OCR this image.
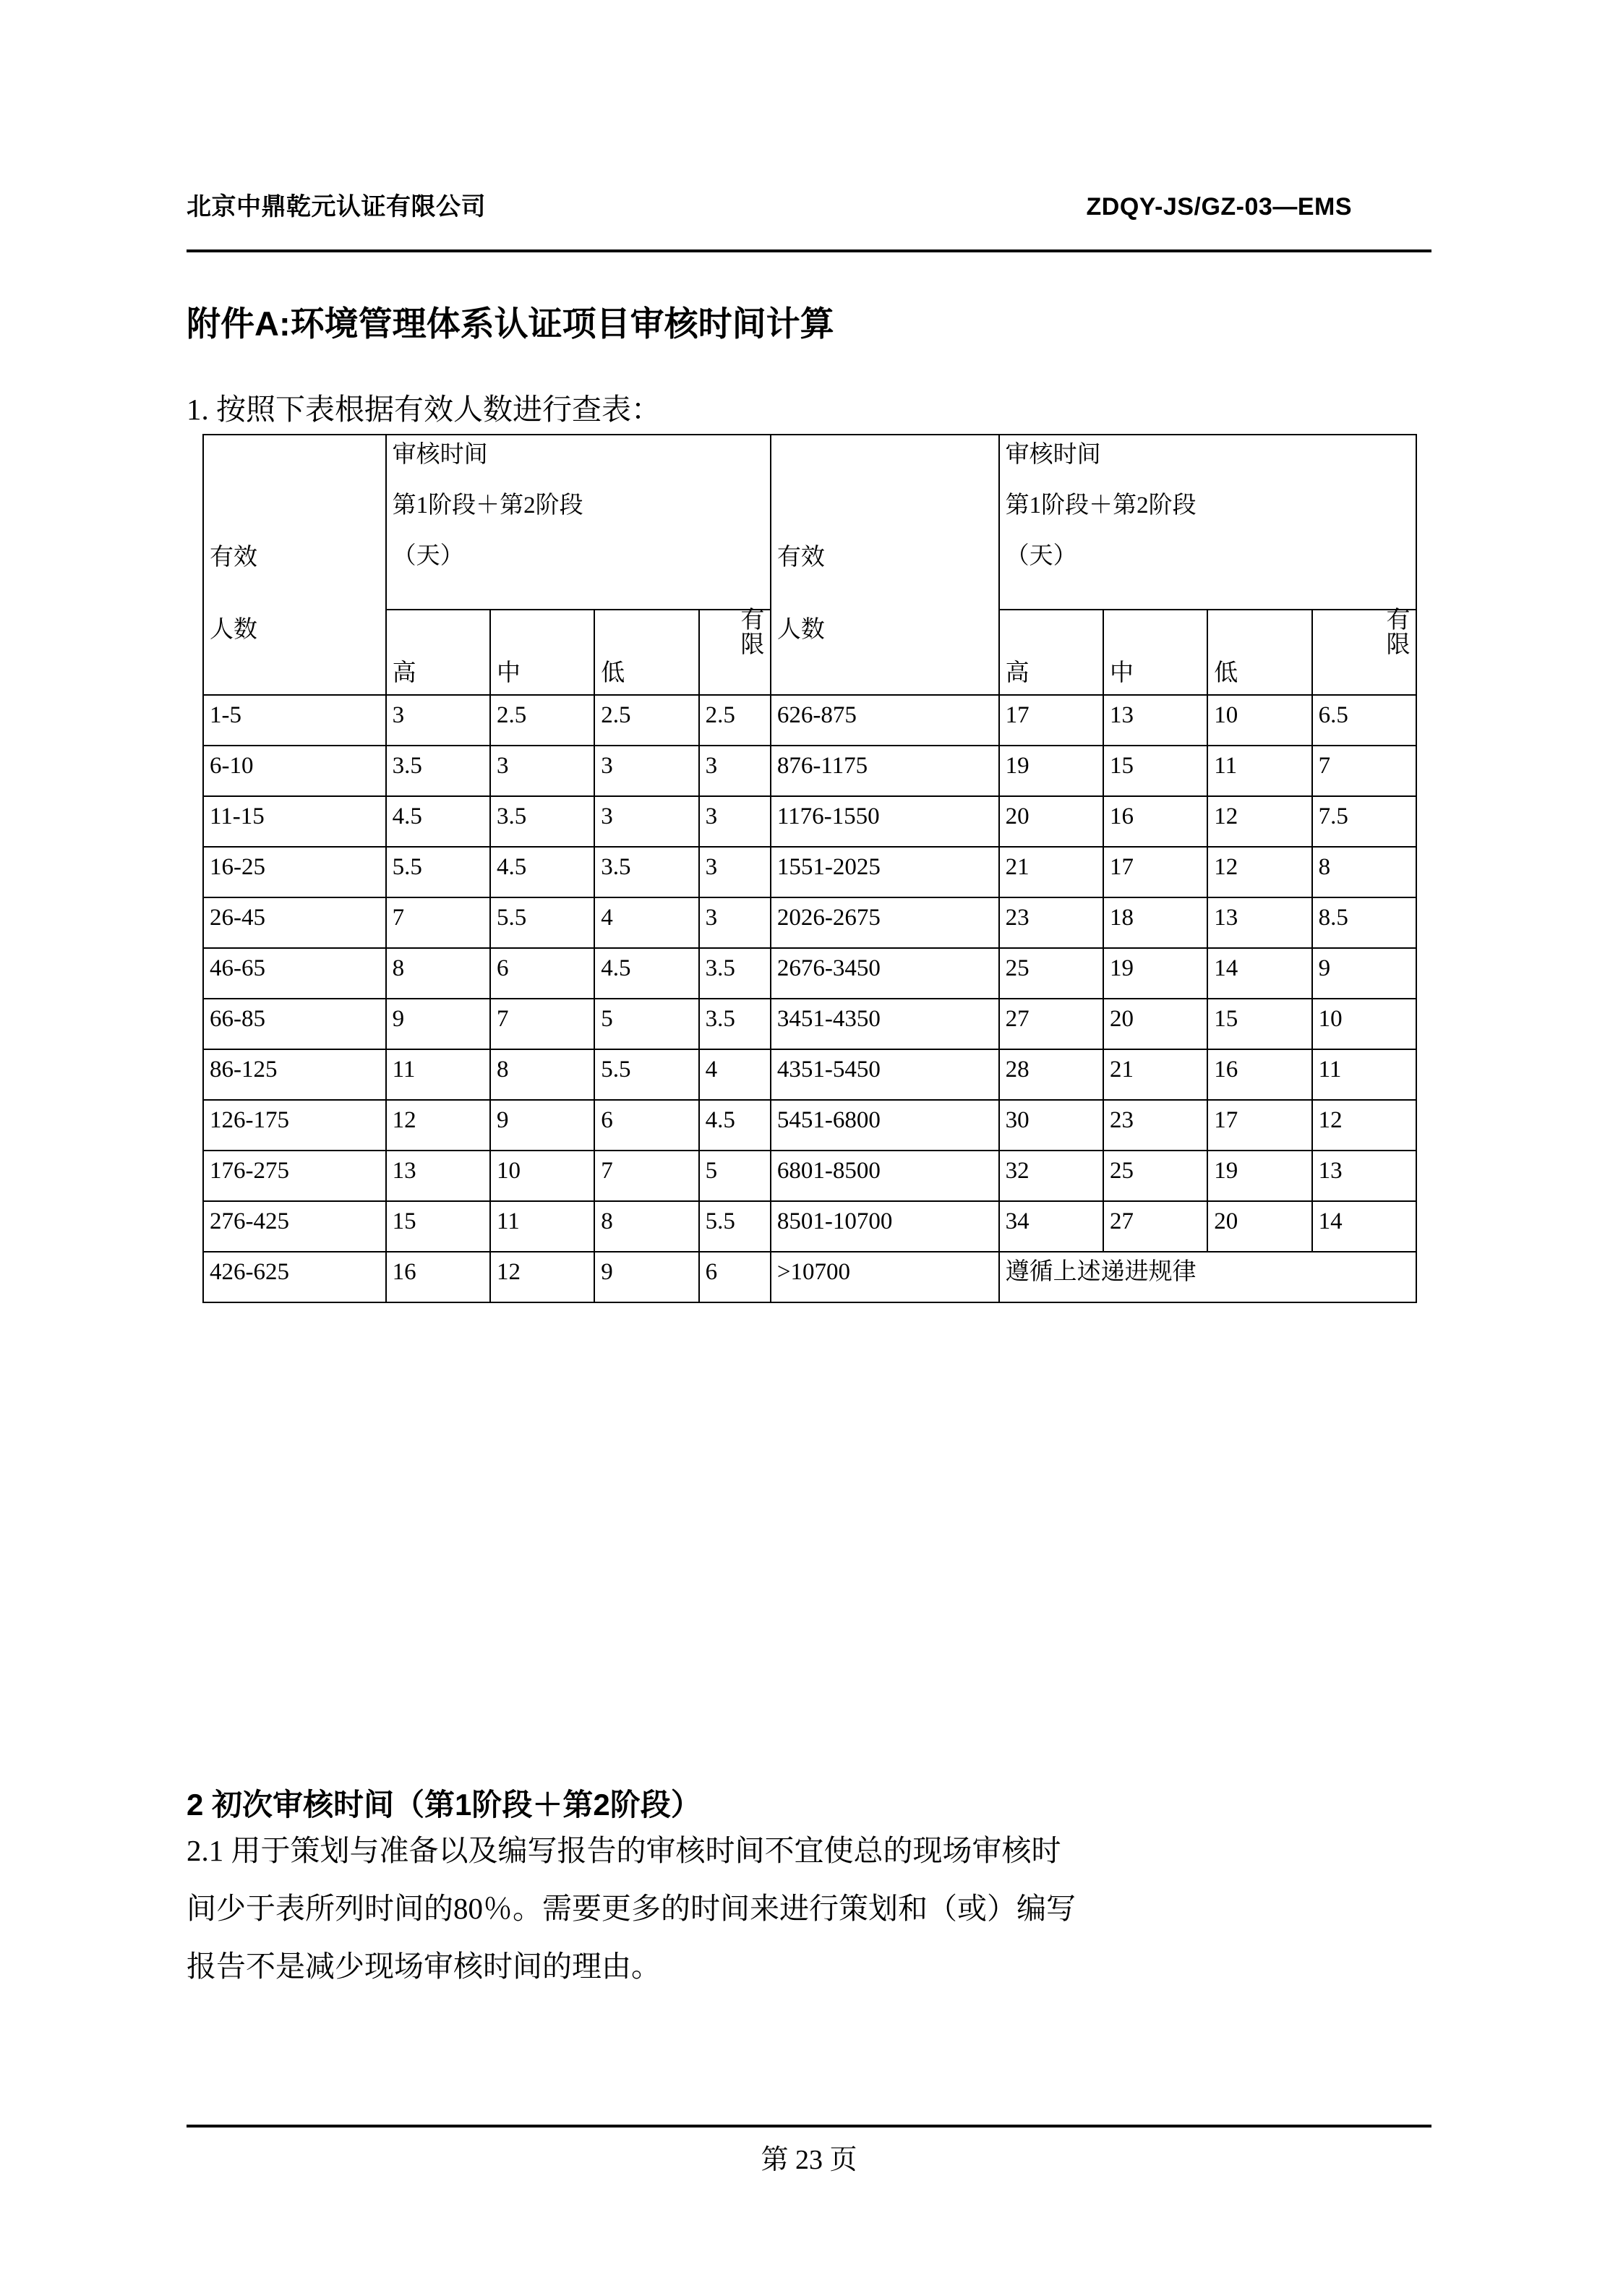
北京中鼎乾元认证有限公司	ZDQY-JS/GZ-03—EMS
附件A:环境管理体系认证项目审核时间计算

1. 按照下表根据有效人数进行查表：

有效
人数	审核时间
第1阶段＋第2阶段
（天）				有效
人数	审核时间
第1阶段＋第2阶段
（天）			

	高	中	低	有限		高	中	低	有限

1-5	3	2.5	2.5	2.5	626-875	17	13	10	6.5
6-10	3.5	3	3	3	876-1175	19	15	11	7
11-15	4.5	3.5	3	3	1176-1550	20	16	12	7.5
16-25	5.5	4.5	3.5	3	1551-2025	21	17	12	8
26-45	7	5.5	4	3	2026-2675	23	18	13	8.5
46-65	8	6	4.5	3.5	2676-3450	25	19	14	9
66-85	9	7	5	3.5	3451-4350	27	20	15	10
86-125	11	8	5.5	4	4351-5450	28	21	16	11
126-175	12	9	6	4.5	5451-6800	30	23	17	12
176-275	13	10	7	5	6801-8500	32	25	19	13
276-425	15	11	8	5.5	8501-10700	34	27	20	14
426-625	16	12	9	6	>10700	遵循上述递进规律			
2 初次审核时间（第1阶段＋第2阶段）
2.1 用于策划与准备以及编写报告的审核时间不宜使总的现场审核时
间少于表所列时间的80％。需要更多的时间来进行策划和（或）编写
报告不是减少现场审核时间的理由。
第 23 页
